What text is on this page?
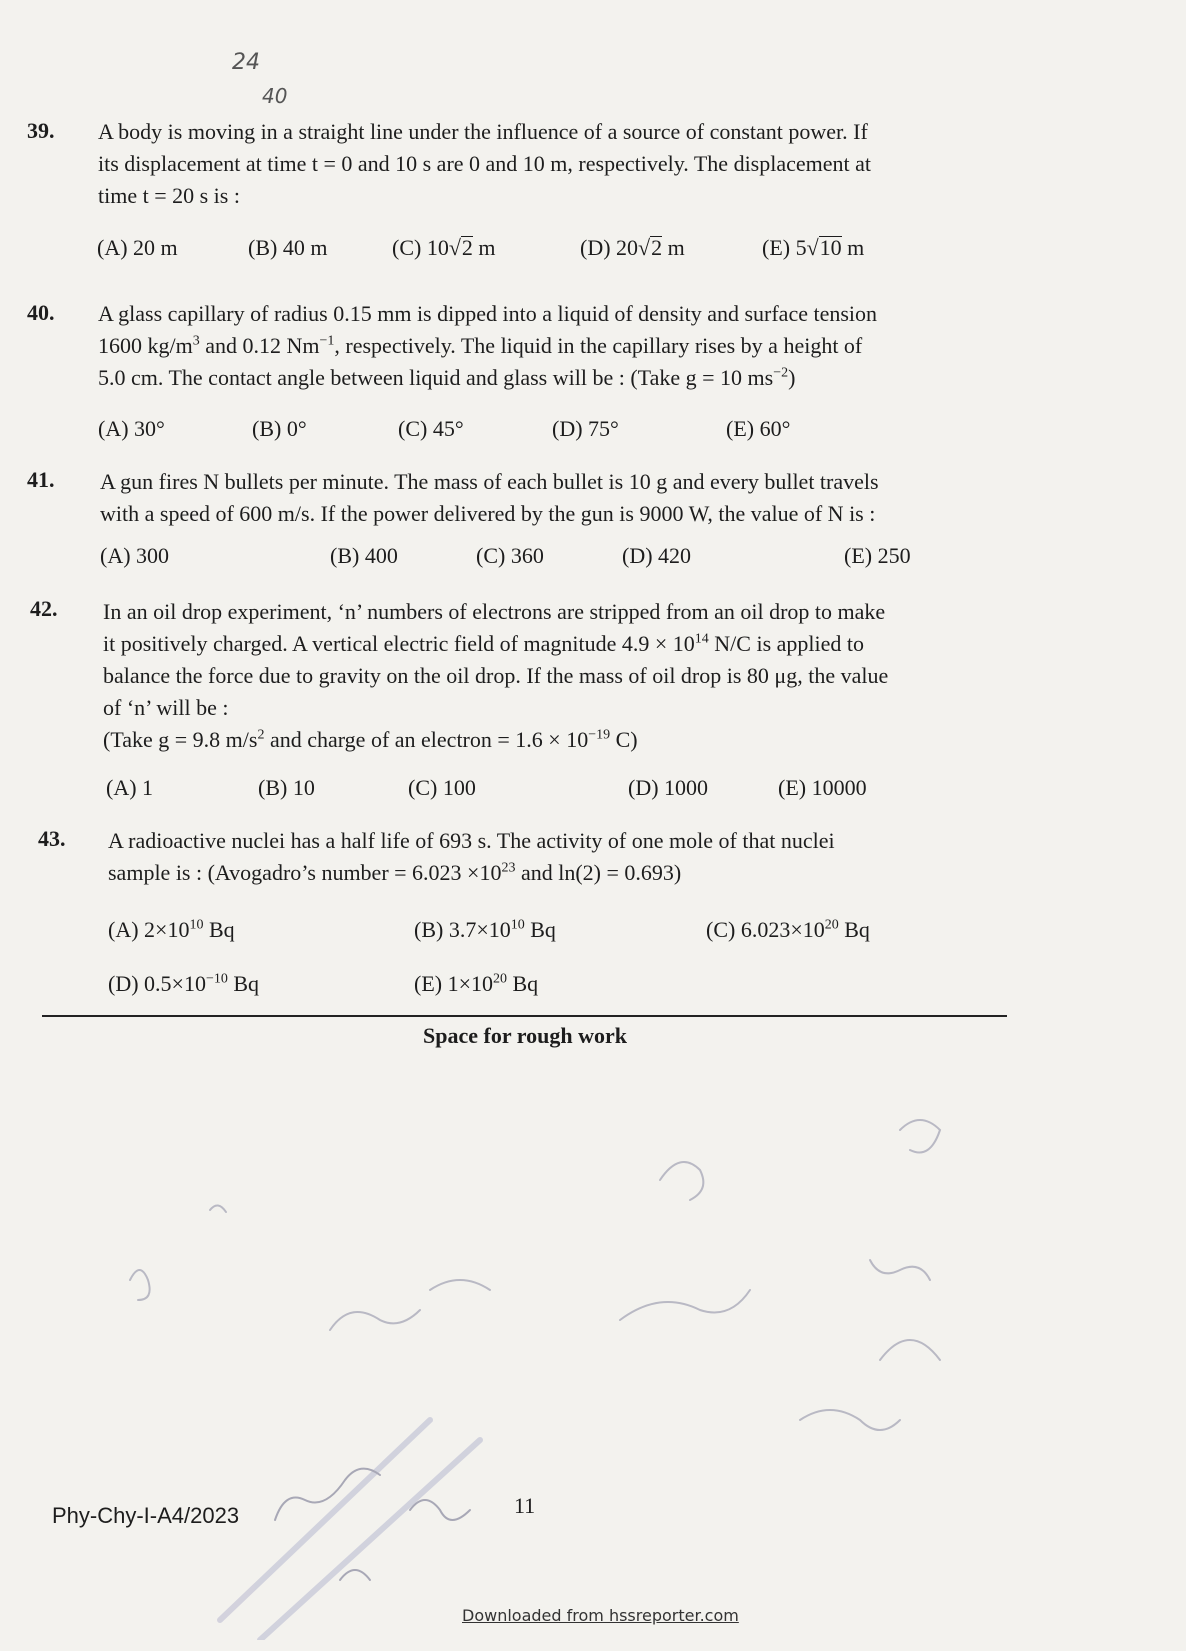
24
40
39. A body is moving in a straight line under the influence of a source of constant power. If
its displacement at time t = 0 and 10 s are 0 and 10 m, respectively. The displacement at
time t = 20 s is :
(A) 20 m	(B) 40 m	(C) 10√2 m	(D) 20√2 m	(E) 5√10 m
40. A glass capillary of radius 0.15 mm is dipped into a liquid of density and surface tension
1600 $kg/m^3$ and 0.12 $Nm^{-1}$, respectively. The liquid in the capillary rises by a height of
5.0 cm. The contact angle between liquid and glass will be : (Take g = 10 $ms^{-2}$)
(A) 30°	(B) 0°	(C) 45°	(D) 75°	(E) 60°
41. A gun fires N bullets per minute. The mass of each bullet is 10 g and every bullet travels
with a speed of 600 m/s. If the power delivered by the gun is 9000 W, the value of N is :
(A) 300	(B) 400	(C) 360	(D) 420	(E) 250
42. In an oil drop experiment, ‘n’ numbers of electrons are stripped from an oil drop to make
it positively charged. A vertical electric field of magnitude $4.9 \times 10^{14}$ N/C is applied to
balance the force due to gravity on the oil drop. If the mass of oil drop is 80 μg, the value
of ‘n’ will be :
(Take g = 9.8 $m/s^2$ and charge of an electron = $1.6 \times 10^{-19}$ C)
(A) 1	(B) 10	(C) 100	(D) 1000	(E) 10000
43. A radioactive nuclei has a half life of 693 s. The activity of one mole of that nuclei
sample is : (Avogadro’s number = $6.023 \times 10^{23}$ and ln(2) = 0.693)
(A) $2\times 10^{10}$ Bq	(B) $3.7\times 10^{10}$ Bq	(C) $6.023\times 10^{20}$ Bq
(D) $0.5\times 10^{-10}$ Bq	(E) $1\times 10^{20}$ Bq
Space for rough work
Phy-Chy-I-A4/2023	11
Downloaded from hssreporter.com
